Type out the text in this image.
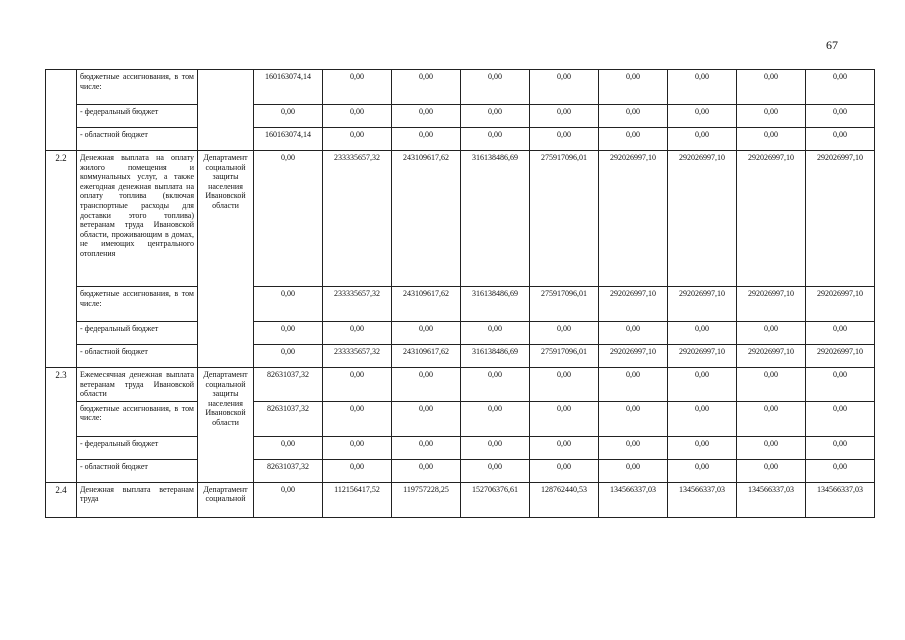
67
	бюджетные ассигнования, в том числе:		160163074,14	0,00	0,00	0,00	0,00	0,00	0,00	0,00	0,00
	- федеральный бюджет		0,00	0,00	0,00	0,00	0,00	0,00	0,00	0,00	0,00
	- областной бюджет		160163074,14	0,00	0,00	0,00	0,00	0,00	0,00	0,00	0,00
2.2	Денежная выплата на оплату жилого помещения и коммунальных услуг, а также ежегодная денежная выплата на оплату топлива (включая транспортные расходы для доставки этого топлива) ветеранам труда Ивановской области, проживающим в домах, не имеющих центрального отопления	Департамент социальной защиты населения Ивановской области	0,00	233335657,32	243109617,62	316138486,69	275917096,01	292026997,10	292026997,10	292026997,10	292026997,10
	бюджетные ассигнования, в том числе:		0,00	233335657,32	243109617,62	316138486,69	275917096,01	292026997,10	292026997,10	292026997,10	292026997,10
	- федеральный бюджет		0,00	0,00	0,00	0,00	0,00	0,00	0,00	0,00	0,00
	- областной бюджет		0,00	233335657,32	243109617,62	316138486,69	275917096,01	292026997,10	292026997,10	292026997,10	292026997,10
2.3	Ежемесячная денежная выплата ветеранам труда Ивановской области	Департамент социальной защиты населения Ивановской области	82631037,32	0,00	0,00	0,00	0,00	0,00	0,00	0,00	0,00
	бюджетные ассигнования, в том числе:		82631037,32	0,00	0,00	0,00	0,00	0,00	0,00	0,00	0,00
	- федеральный бюджет		0,00	0,00	0,00	0,00	0,00	0,00	0,00	0,00	0,00
	- областной бюджет		82631037,32	0,00	0,00	0,00	0,00	0,00	0,00	0,00	0,00
2.4	Денежная выплата ветеранам труда	Департамент социальной	0,00	112156417,52	119757228,25	152706376,61	128762440,53	134566337,03	134566337,03	134566337,03	134566337,03
